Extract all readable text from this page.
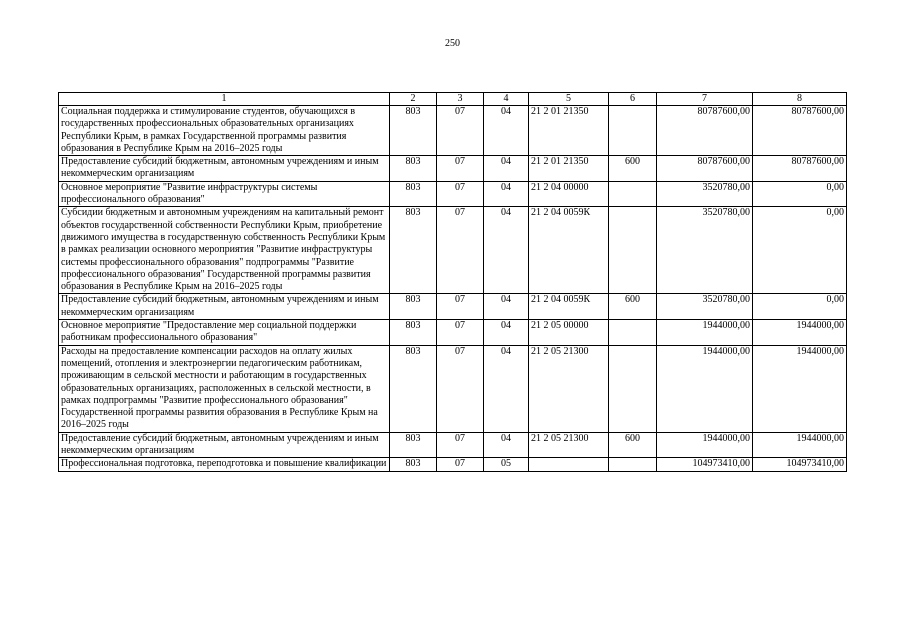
250
1	2	3	4	5	6	7	8
Социальная поддержка и стимулирование студентов, обучающихся в государственных профессиональных образовательных организациях Республики Крым, в рамках Государственной программы развития образования в Республике Крым на 2016–2025 годы	803	07	04	21 2 01 21350		80787600,00	80787600,00
Предоставление субсидий бюджетным, автономным учреждениям и иным некоммерческим организациям	803	07	04	21 2 01 21350	600	80787600,00	80787600,00
Основное мероприятие "Развитие инфраструктуры системы профессионального образования"	803	07	04	21 2 04 00000		3520780,00	0,00
Субсидии бюджетным и автономным учреждениям на капитальный ремонт объектов государственной собственности Республики Крым, приобретение движимого имущества в государственную собственность Республики Крым в рамках реализации основного мероприятия "Развитие инфраструктуры системы профессионального образования" подпрограммы "Развитие профессионального образования" Государственной программы развития образования в Республике Крым на 2016–2025 годы	803	07	04	21 2 04 0059К		3520780,00	0,00
Предоставление субсидий бюджетным, автономным учреждениям и иным некоммерческим организациям	803	07	04	21 2 04 0059К	600	3520780,00	0,00
Основное мероприятие "Предоставление мер социальной поддержки работникам профессионального образования"	803	07	04	21 2 05 00000		1944000,00	1944000,00
Расходы на предоставление компенсации расходов на оплату жилых помещений, отопления и электроэнергии педагогическим работникам, проживающим в сельской местности и работающим в государственных образовательных организациях, расположенных в сельской местности, в рамках подпрограммы "Развитие профессионального образования" Государственной программы развития образования в Республике Крым на 2016–2025 годы	803	07	04	21 2 05 21300		1944000,00	1944000,00
Предоставление субсидий бюджетным, автономным учреждениям и иным некоммерческим организациям	803	07	04	21 2 05 21300	600	1944000,00	1944000,00
Профессиональная подготовка, переподготовка и повышение квалификации	803	07	05			104973410,00	104973410,00
